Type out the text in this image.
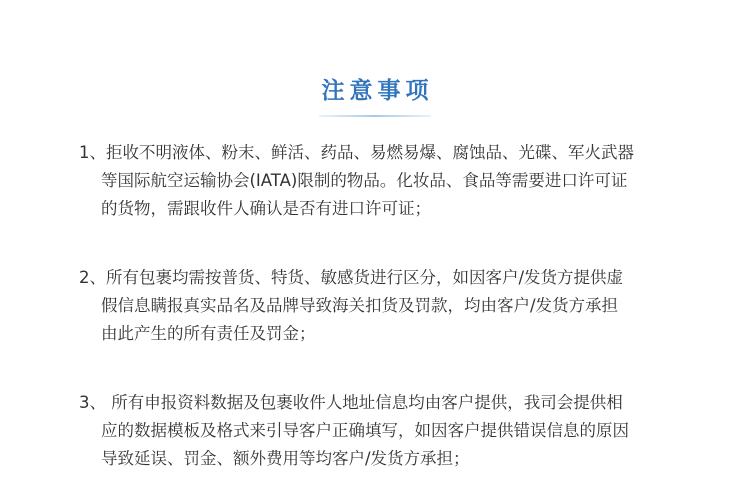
注意事项
1、拒收不明液体、粉末、鲜活、药品、易燃易爆、腐蚀品、光碟、军火武器
等国际航空运输协会(IATA)限制的物品。化妆品、食品等需要进口许可证
的货物，需跟收件人确认是否有进口许可证；
2、所有包裹均需按普货、特货、敏感货进行区分，如因客户/发货方提供虚
假信息瞒报真实品名及品牌导致海关扣货及罚款，均由客户/发货方承担
由此产生的所有责任及罚金；
3、 所有申报资料数据及包裹收件人地址信息均由客户提供，我司会提供相
应的数据模板及格式来引导客户正确填写，如因客户提供错误信息的原因
导致延误、罚金、额外费用等均客户/发货方承担；
